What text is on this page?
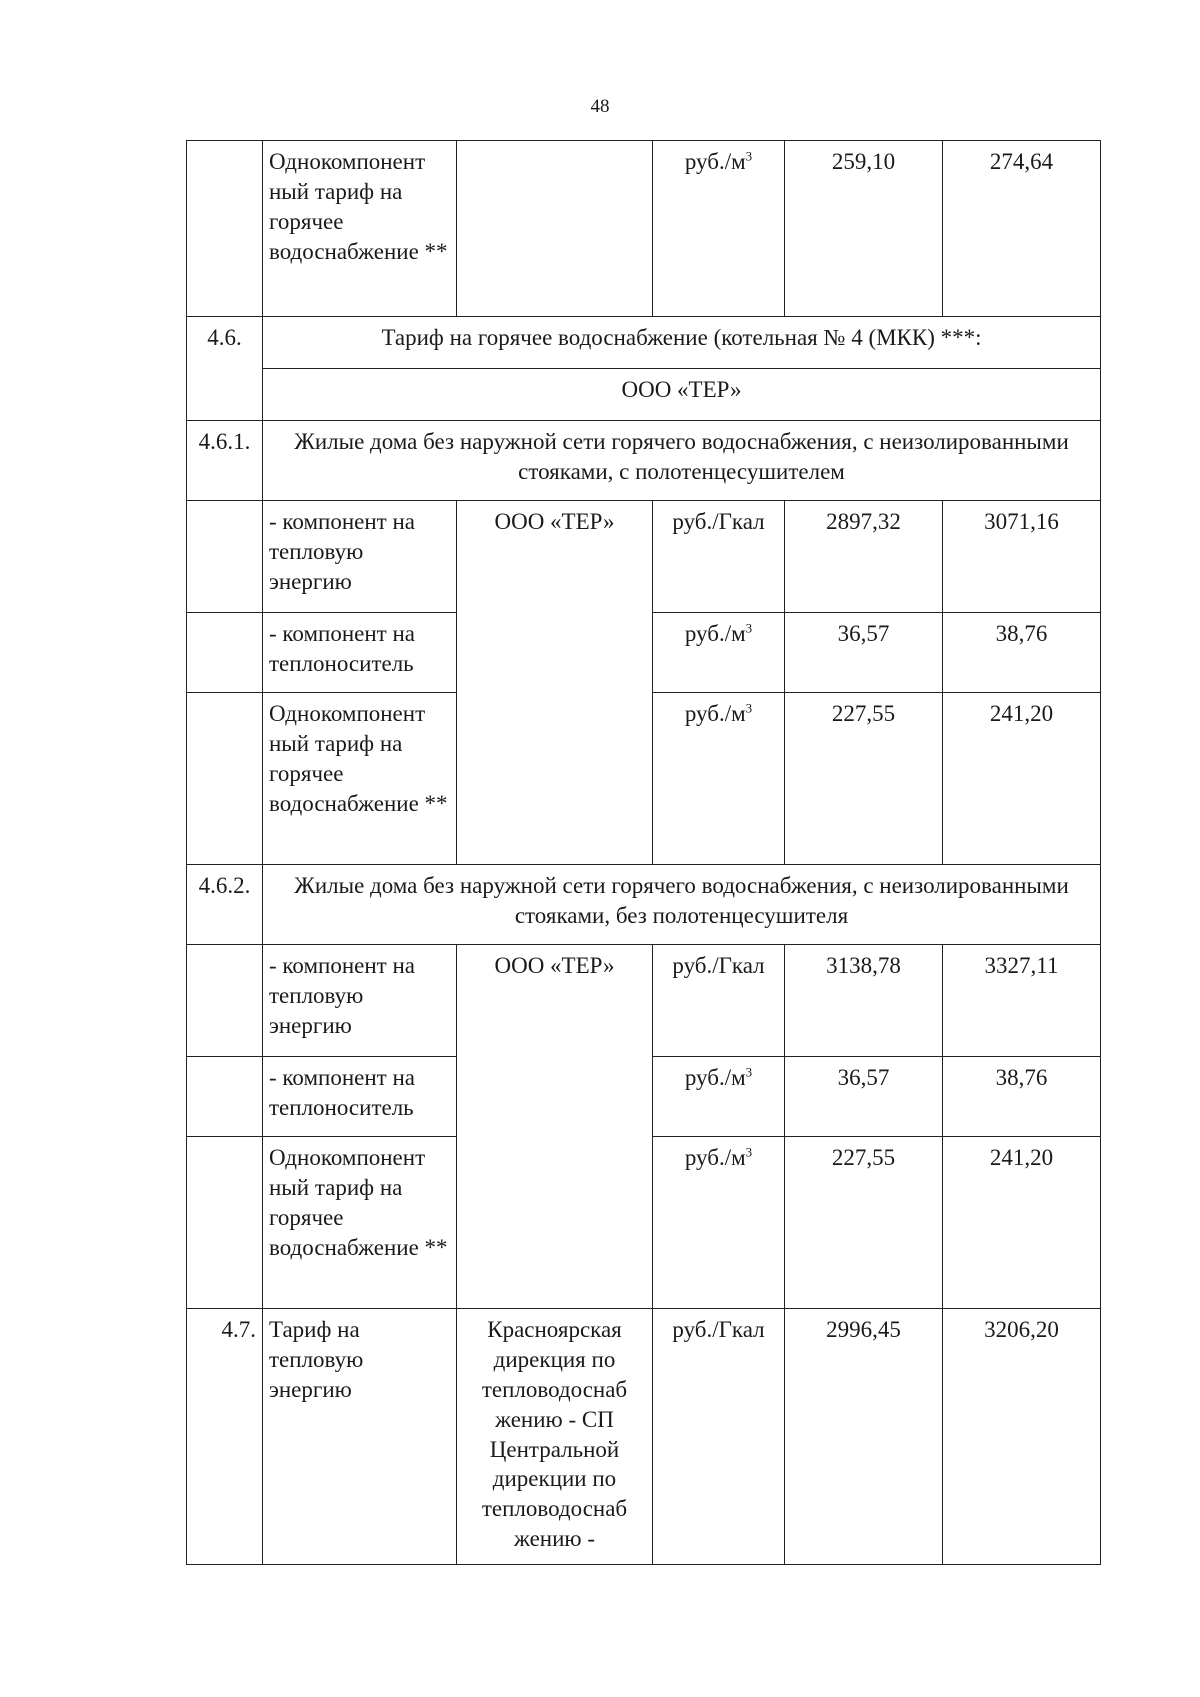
48
	Однокомпонент ный тариф на горячее водоснабжение **		$руб./м^3$	259,10	274,64
4.6.	Тариф на горячее водоснабжение (котельная № 4 (МКК) ***:				
	ООО «ТЕР»				
4.6.1.	Жилые дома без наружной сети горячего водоснабжения, с неизолированными стояками, с полотенцесушителем				
	- компонент на тепловую энергию	ООО «ТЕР»	руб./Гкал	2897,32	3071,16
	- компонент на теплоноситель		$руб./м^3$	36,57	38,76
	Однокомпонент ный тариф на горячее водоснабжение **		$руб./м^3$	227,55	241,20
4.6.2.	Жилые дома без наружной сети горячего водоснабжения, с неизолированными стояками, без полотенцесушителя				
	- компонент на тепловую энергию	ООО «ТЕР»	руб./Гкал	3138,78	3327,11
	- компонент на теплоноситель		$руб./м^3$	36,57	38,76
	Однокомпонент ный тариф на горячее водоснабжение **		$руб./м^3$	227,55	241,20
4.7.	Тариф на тепловую энергию	Красноярская дирекция по тепловодоснаб жению - СП Центральной дирекции по тепловодоснаб жению -	руб./Гкал	2996,45	3206,20
